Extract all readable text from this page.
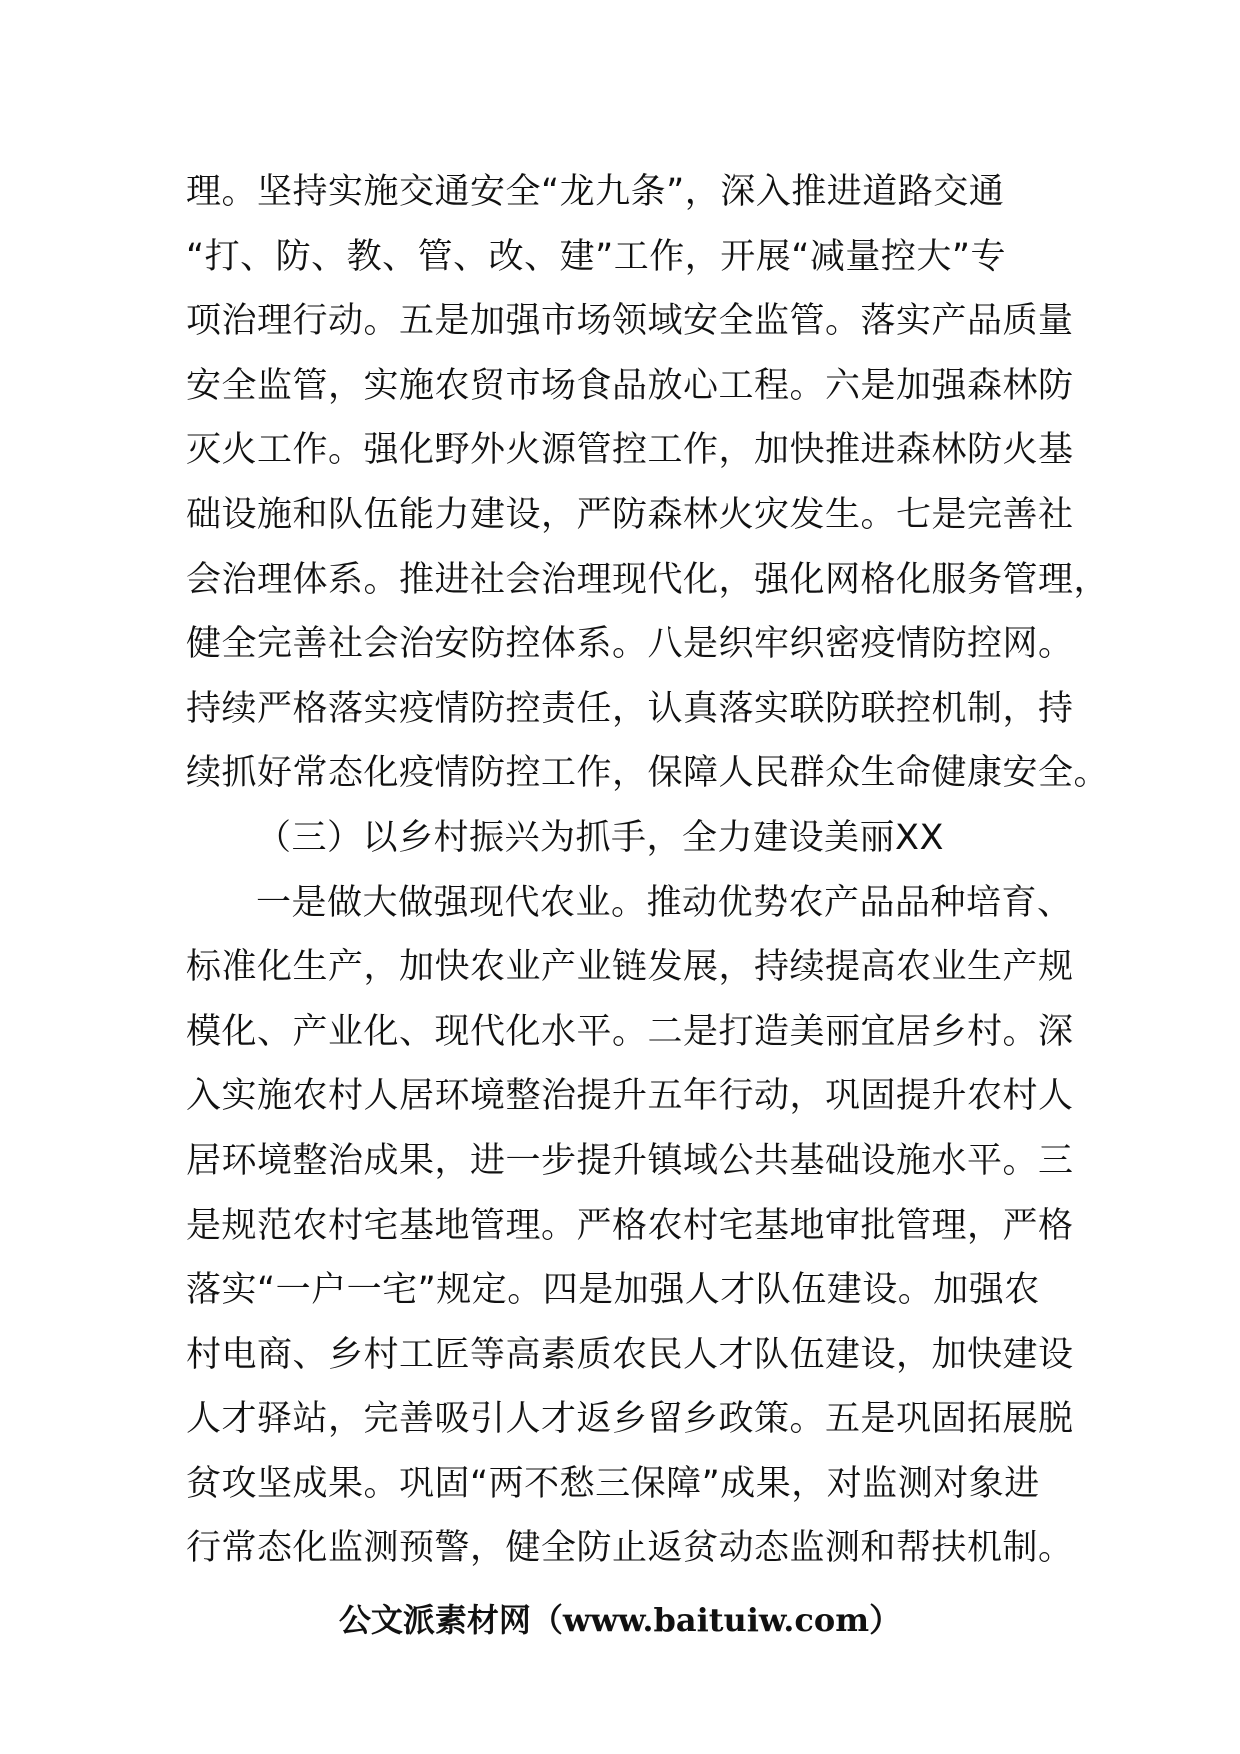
理。坚持实施交通安全“龙九条”，深入推进道路交通
“打、防、教、管、改、建”工作，开展“减量控大”专
项治理行动。五是加强市场领域安全监管。落实产品质量
安全监管，实施农贸市场食品放心工程。六是加强森林防
灭火工作。强化野外火源管控工作，加快推进森林防火基
础设施和队伍能力建设，严防森林火灾发生。七是完善社
会治理体系。推进社会治理现代化，强化网格化服务管理，
健全完善社会治安防控体系。八是织牢织密疫情防控网。
持续严格落实疫情防控责任，认真落实联防联控机制，持
续抓好常态化疫情防控工作，保障人民群众生命健康安全。
（三）以乡村振兴为抓手，全力建设美丽XX
一是做大做强现代农业。推动优势农产品品种培育、
标准化生产，加快农业产业链发展，持续提高农业生产规
模化、产业化、现代化水平。二是打造美丽宜居乡村。深
入实施农村人居环境整治提升五年行动，巩固提升农村人
居环境整治成果，进一步提升镇域公共基础设施水平。三
是规范农村宅基地管理。严格农村宅基地审批管理，严格
落实“一户一宅”规定。四是加强人才队伍建设。加强农
村电商、乡村工匠等高素质农民人才队伍建设，加快建设
人才驿站，完善吸引人才返乡留乡政策。五是巩固拓展脱
贫攻坚成果。巩固“两不愁三保障”成果，对监测对象进
行常态化监测预警，健全防止返贫动态监测和帮扶机制。
公文派素材网（www.baituiw.com）
